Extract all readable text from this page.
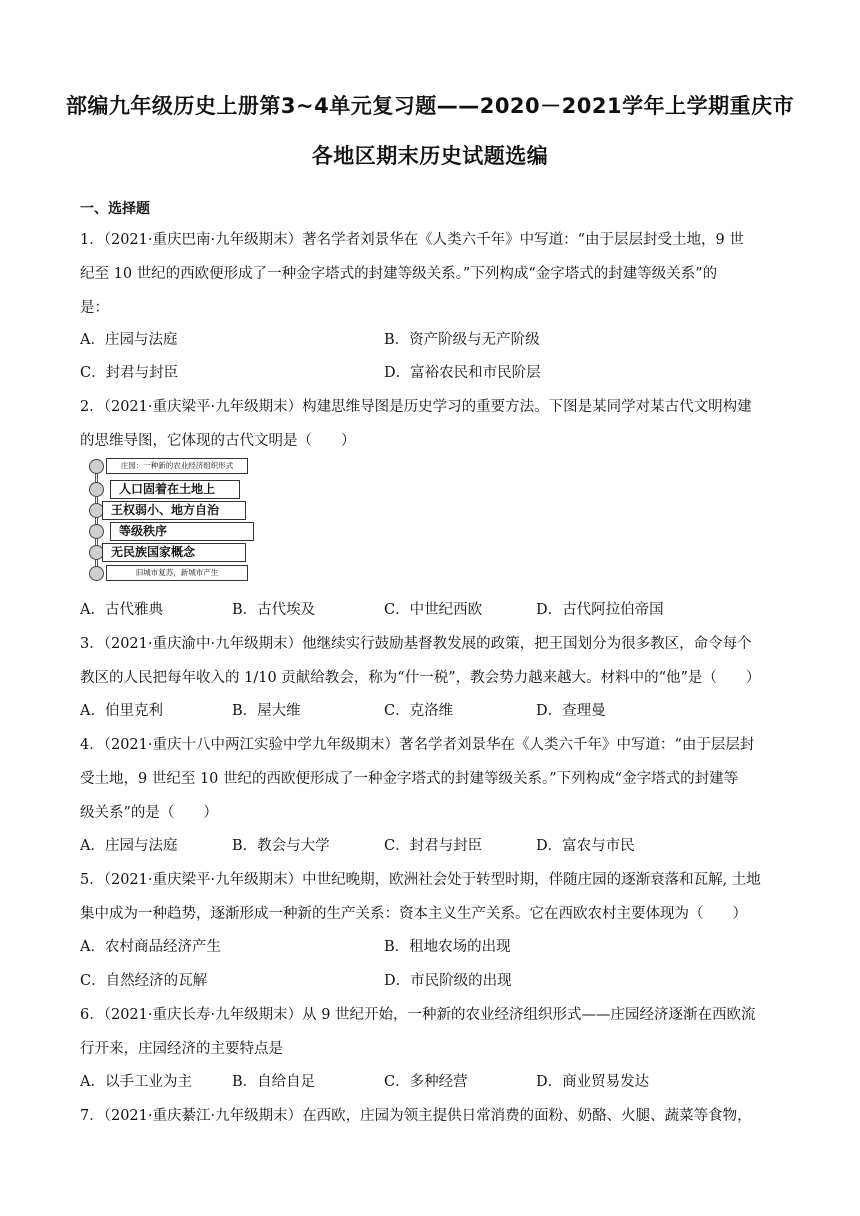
部编九年级历史上册第3~4单元复习题——2020－2021学年上学期重庆市
各地区期末历史试题选编
一、选择题
1．（2021·重庆巴南·九年级期末）著名学者刘景华在《人类六千年》中写道：“由于层层封受土地，9 世
纪至 10 世纪的西欧便形成了一种金字塔式的封建等级关系。”下列构成“金字塔式的封建等级关系”的
是：
A．庄园与法庭	B．资产阶级与无产阶级
C．封君与封臣	D．富裕农民和市民阶层
2．（2021·重庆梁平·九年级期末）构建思维导图是历史学习的重要方法。下图是某同学对某古代文明构建
的思维导图，它体现的古代文明是（　　）
庄园：一种新的农业经济组织形式
人口固着在土地上
王权弱小、地方自治
等级秩序
无民族国家概念
旧城市复苏，新城市产生
A．古代雅典	B．古代埃及	C．中世纪西欧	D．古代阿拉伯帝国
3．（2021·重庆渝中·九年级期末）他继续实行鼓励基督教发展的政策，把王国划分为很多教区，命令每个
教区的人民把每年收入的 1/10 贡献给教会，称为“什一税”，教会势力越来越大。材料中的“他”是（　　）
A．伯里克利	B．屋大维	C．克洛维	D．查理曼
4．（2021·重庆十八中两江实验中学九年级期末）著名学者刘景华在《人类六千年》中写道：“由于层层封
受土地，9 世纪至 10 世纪的西欧便形成了一种金字塔式的封建等级关系。”下列构成“金字塔式的封建等
级关系”的是（　　）
A．庄园与法庭	B．教会与大学	C．封君与封臣	D．富农与市民
5．（2021·重庆梁平·九年级期末）中世纪晚期，欧洲社会处于转型时期，伴随庄园的逐渐衰落和瓦解, 土地
集中成为一种趋势，逐渐形成一种新的生产关系：资本主义生产关系。它在西欧农村主要体现为（　　）
A．农村商品经济产生	B．租地农场的出现
C．自然经济的瓦解	D．市民阶级的出现
6．（2021·重庆长寿·九年级期末）从 9 世纪开始，一种新的农业经济组织形式——庄园经济逐渐在西欧流
行开来，庄园经济的主要特点是
A．以手工业为主	B．自给自足	C．多种经营	D．商业贸易发达
7．（2021·重庆綦江·九年级期末）在西欧，庄园为领主提供日常消费的面粉、奶酪、火腿、蔬菜等食物，
